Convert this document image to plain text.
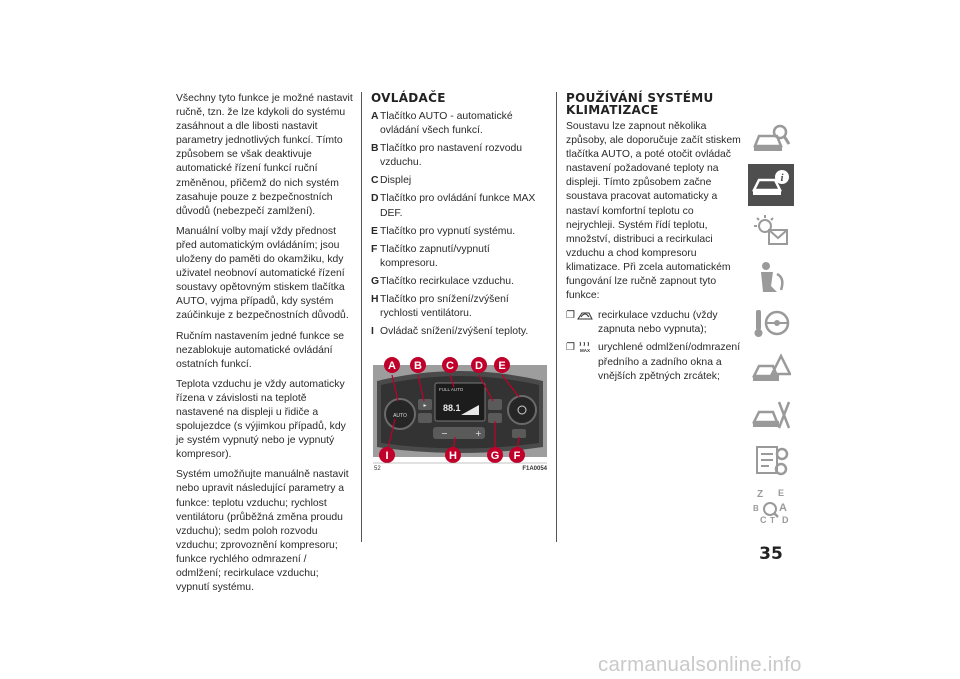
Všechny tyto funkce je možné nastavit ručně, tzn. že lze kdykoli do systému zasáhnout a dle libosti nastavit parametry jednotlivých funkcí. Tímto způsobem se však deaktivuje automatické řízení funkcí ruční změněnou, přičemž do nich systém zasahuje pouze z bezpečnostních důvodů (nebezpečí zamlžení).

Manuální volby mají vždy přednost před automatickým ovládáním; jsou uloženy do paměti do okamžiku, kdy uživatel neobnoví automatické řízení soustavy opětovným stiskem tlačítka AUTO, vyjma případů, kdy systém zaúčinkuje z bezpečnostních důvodů.

Ručním nastavením jedné funkce se nezablokuje automatické ovládání ostatních funkcí.

Teplota vzduchu je vždy automaticky řízena v závislosti na teplotě nastavené na displeji u řidiče a spolujezdce (s výjimkou případů, kdy je systém vypnutý nebo je vypnutý kompresor).

Systém umožňujte manuálně nastavit nebo upravit následující parametry a funkce: teplotu vzduchu; rychlost ventilátoru (průběžná změna proudu vzduchu); sedm poloh rozvodu vzduchu; zprovoznění kompresoru; funkce rychlého odmrazení / odmlžení; recirkulace vzduchu; vypnutí systému.

OVLÁDAČE
A Tlačítko AUTO - automatické ovládání všech funkcí.
B Tlačítko pro nastavení rozvodu vzduchu.
C Displej
D Tlačítko pro ovládání funkce MAX DEF.
E Tlačítko pro vypnutí systému.
F Tlačítko zapnutí/vypnutí kompresoru.
G Tlačítko recirkulace vzduchu.
H Tlačítko pro snížení/zvýšení rychlosti ventilátoru.
I Ovládač snížení/zvýšení teploty.
AUTO
▸
FULL AUTO
88.1
−	+
A B C D E
I	H	G F
52	F1A0054
POUŽÍVÁNÍ SYSTÉMU
KLIMATIZACE

Soustavu lze zapnout několika způsoby, ale doporučuje začít stiskem tlačítka AUTO, a poté otočit ovládač nastavení požadované teploty na displeji. Tímto způsobem začne soustava pracovat automaticky a nastaví komfortní teplotu co nejrychleji. Systém řídí teplotu, množství, distribuci a recirkulaci vzduchu a chod kompresoru klimatizace. Při zcela automatickém fungování lze ručně zapnout tyto funkce:

❐ recirkulace vzduchu (vždy zapnuta nebo vypnuta);
❐ MAX urychlené odmlžení/odmrazení předního a zadního okna a vnějších zpětných zrcátek;
i
Z E
B A
C T D
35
carmanualsonline.info
